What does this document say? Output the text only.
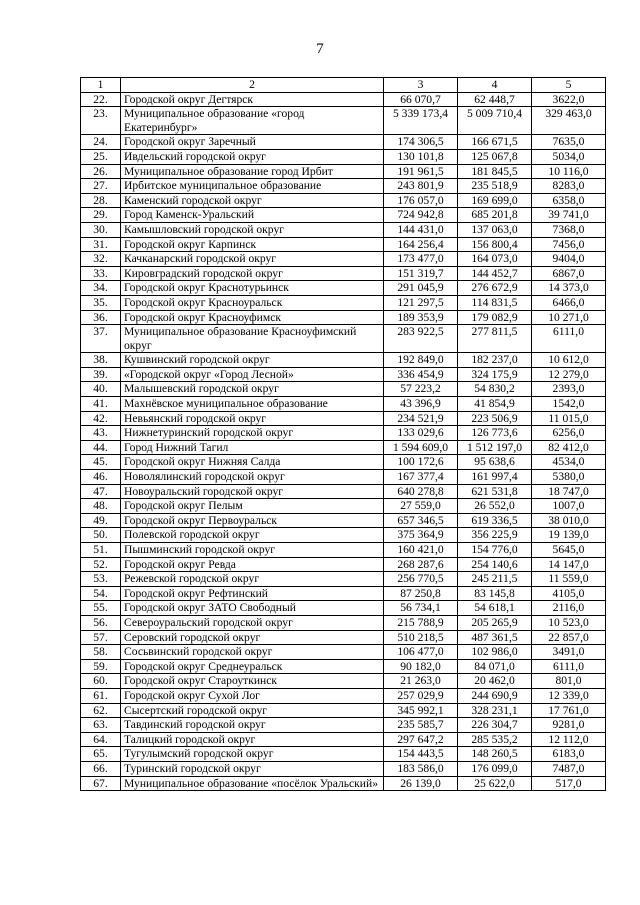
7
1	2	3	4	5
22.	Городской округ Дегтярск	66 070,7	62 448,7	3622,0
23.	Муниципальное образование «город Екатеринбург»	5 339 173,4	5 009 710,4	329 463,0
24.	Городской округ Заречный	174 306,5	166 671,5	7635,0
25.	Ивдельский городской округ	130 101,8	125 067,8	5034,0
26.	Муниципальное образование город Ирбит	191 961,5	181 845,5	10 116,0
27.	Ирбитское муниципальное образование	243 801,9	235 518,9	8283,0
28.	Каменский городской округ	176 057,0	169 699,0	6358,0
29.	Город Каменск-Уральский	724 942,8	685 201,8	39 741,0
30.	Камышловский городской округ	144 431,0	137 063,0	7368,0
31.	Городской округ Карпинск	164 256,4	156 800,4	7456,0
32.	Качканарский городской округ	173 477,0	164 073,0	9404,0
33.	Кировградский городской округ	151 319,7	144 452,7	6867,0
34.	Городской округ Краснотурьинск	291 045,9	276 672,9	14 373,0
35.	Городской округ Красноуральск	121 297,5	114 831,5	6466,0
36.	Городской округ Красноуфимск	189 353,9	179 082,9	10 271,0
37.	Муниципальное образование Красноуфимский округ	283 922,5	277 811,5	6111,0
38.	Кушвинский городской округ	192 849,0	182 237,0	10 612,0
39.	«Городской округ «Город Лесной»	336 454,9	324 175,9	12 279,0
40.	Малышевский городской округ	57 223,2	54 830,2	2393,0
41.	Махнёвское муниципальное образование	43 396,9	41 854,9	1542,0
42.	Невьянский городской округ	234 521,9	223 506,9	11 015,0
43.	Нижнетуринский городской округ	133 029,6	126 773,6	6256,0
44.	Город Нижний Тагил	1 594 609,0	1 512 197,0	82 412,0
45.	Городской округ Нижняя Салда	100 172,6	95 638,6	4534,0
46.	Новолялинский городской округ	167 377,4	161 997,4	5380,0
47.	Новоуральский городской округ	640 278,8	621 531,8	18 747,0
48.	Городской округ Пелым	27 559,0	26 552,0	1007,0
49.	Городской округ Первоуральск	657 346,5	619 336,5	38 010,0
50.	Полевской городской округ	375 364,9	356 225,9	19 139,0
51.	Пышминский городской округ	160 421,0	154 776,0	5645,0
52.	Городской округ Ревда	268 287,6	254 140,6	14 147,0
53.	Режевской городской округ	256 770,5	245 211,5	11 559,0
54.	Городской округ Рефтинский	87 250,8	83 145,8	4105,0
55.	Городской округ ЗАТО Свободный	56 734,1	54 618,1	2116,0
56.	Североуральский городской округ	215 788,9	205 265,9	10 523,0
57.	Серовский городской округ	510 218,5	487 361,5	22 857,0
58.	Сосьвинский городской округ	106 477,0	102 986,0	3491,0
59.	Городской округ Среднеуральск	90 182,0	84 071,0	6111,0
60.	Городской округ Староуткинск	21 263,0	20 462,0	801,0
61.	Городской округ Сухой Лог	257 029,9	244 690,9	12 339,0
62.	Сысертский городской округ	345 992,1	328 231,1	17 761,0
63.	Тавдинский городской округ	235 585,7	226 304,7	9281,0
64.	Талицкий городской округ	297 647,2	285 535,2	12 112,0
65.	Тугулымский городской округ	154 443,5	148 260,5	6183,0
66.	Туринский городской округ	183 586,0	176 099,0	7487,0
67.	Муниципальное образование «посёлок Уральский»	26 139,0	25 622,0	517,0
